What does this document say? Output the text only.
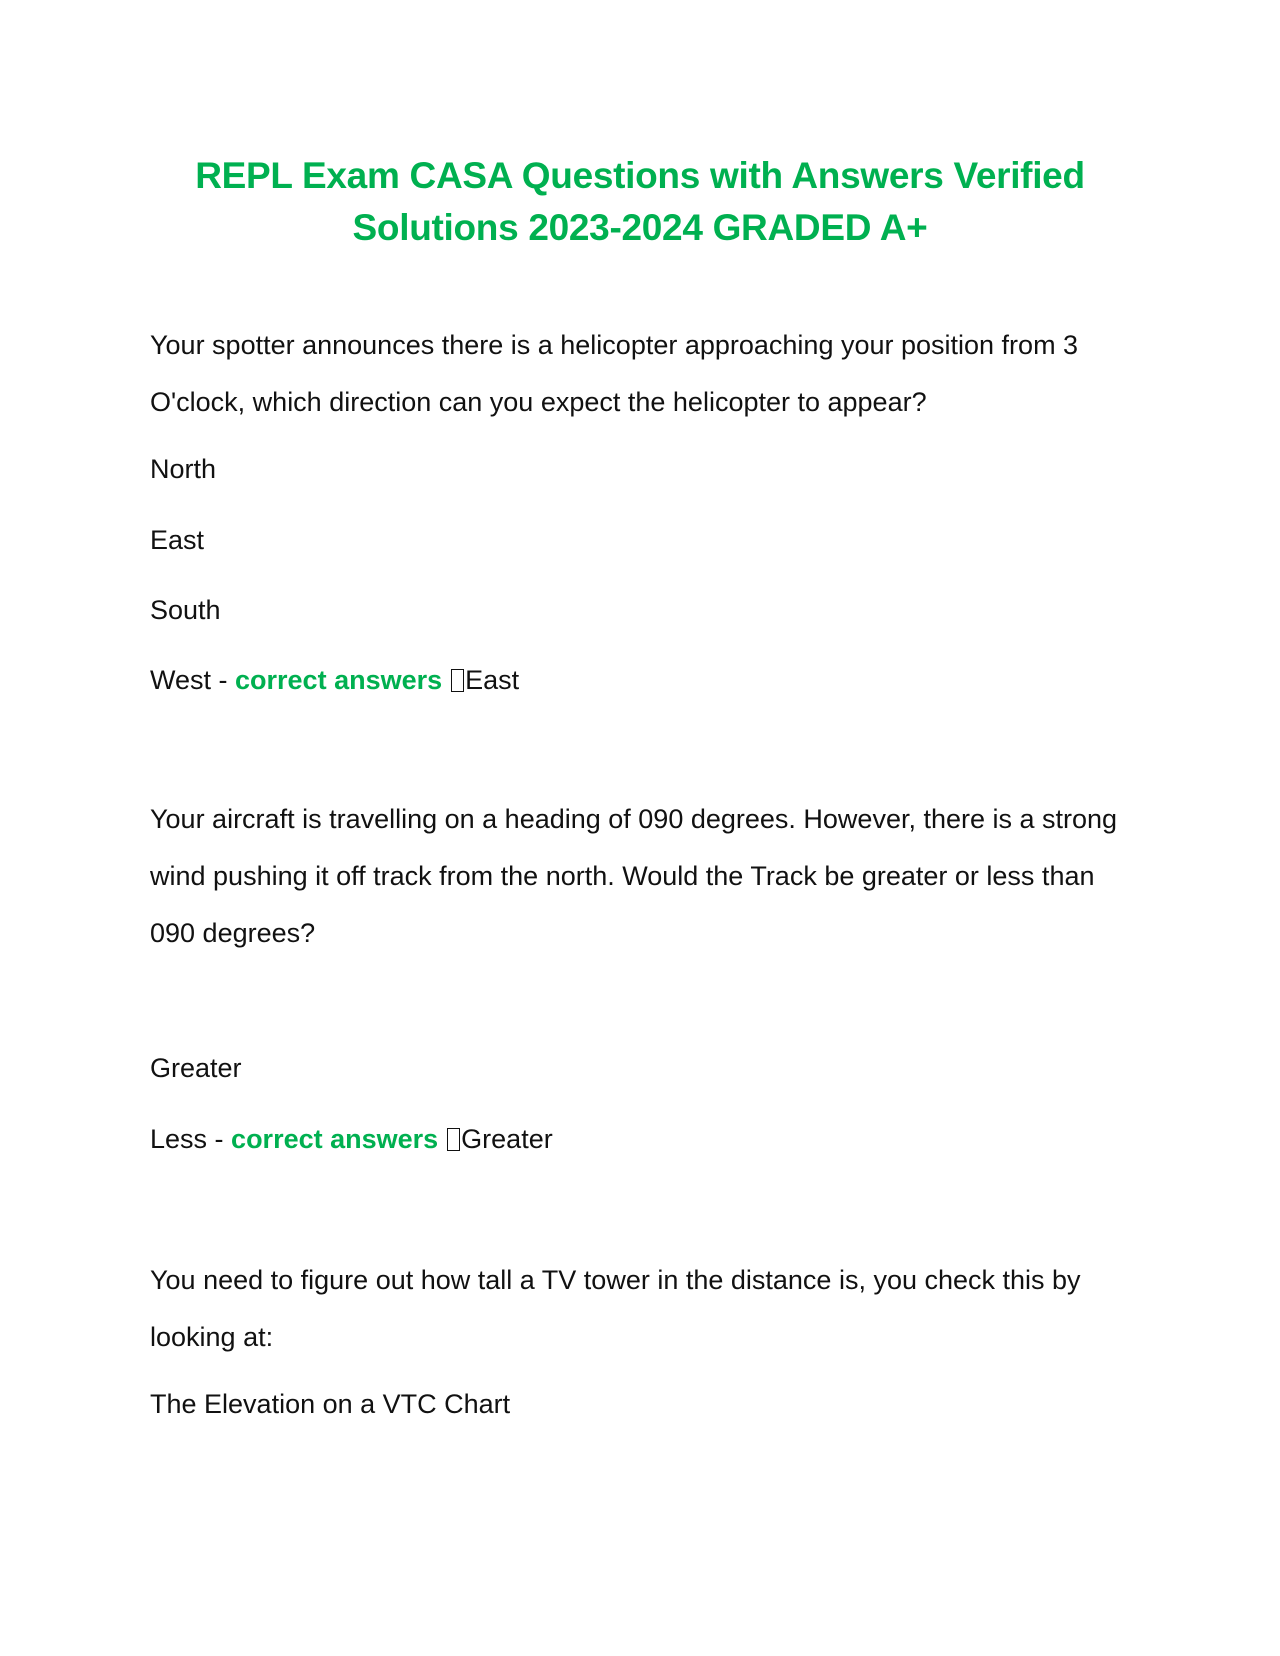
REPL Exam CASA Questions with Answers Verified Solutions 2023-2024 GRADED A+
Your spotter announces there is a helicopter approaching your position from 3 O'clock, which direction can you expect the helicopter to appear?
North
East
South
West - correct answers East
Your aircraft is travelling on a heading of 090 degrees. However, there is a strong wind pushing it off track from the north. Would the Track be greater or less than 090 degrees?
Greater
Less - correct answers Greater
You need to figure out how tall a TV tower in the distance is, you check this by looking at:
The Elevation on a VTC Chart
